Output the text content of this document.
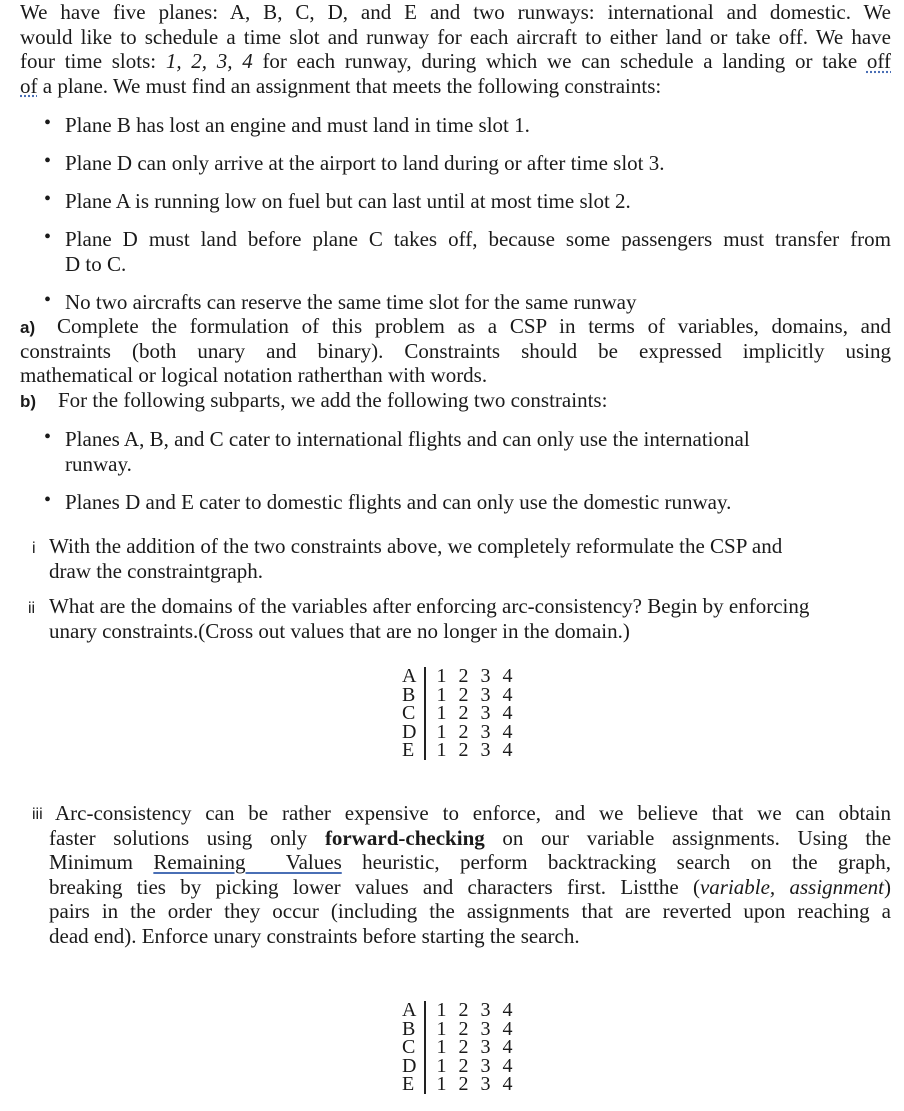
We have five planes: A, B, C, D, and E and two runways: international and domestic. We
would like to schedule a time slot and runway for each aircraft to either land or take off. We have
four time slots: 1, 2, 3, 4 for each runway, during which we can schedule a landing or take off
of a plane. We must find an assignment that meets the following constraints:
• Plane B has lost an engine and must land in time slot 1.
• Plane D can only arrive at the airport to land during or after time slot 3.
• Plane A is running low on fuel but can last until at most time slot 2.
• Plane D must land before plane C takes off, because some passengers must transfer from
D to C.
• No two aircrafts can reserve the same time slot for the same runway
a)	Complete the formulation of this problem as a CSP in terms of variables, domains, and
constraints (both unary and binary). Constraints should be expressed implicitly using
mathematical or logical notation ratherthan with words.
b) For the following subparts, we add the following two constraints:
• Planes A, B, and C cater to international flights and can only use the international
runway.
• Planes D and E cater to domestic flights and can only use the domestic runway.
i With the addition of the two constraints above, we completely reformulate the CSP and
draw the constraintgraph.
ii What are the domains of the variables after enforcing arc-consistency? Begin by enforcing
unary constraints.(Cross out values that are no longer in the domain.)
A	1 2 3 4
B	1 2 3 4
C	1 2 3 4
D	1 2 3 4
E	1 2 3 4
iii Arc-consistency can be rather expensive to enforce, and we believe that we can obtain
faster solutions using only forward-checking on our variable assignments. Using the
Minimum Remaining  Values heuristic, perform backtracking search on the graph,
breaking ties by picking lower values and characters first. Listthe (variable, assignment)
pairs in the order they occur (including the assignments that are reverted upon reaching a
dead end). Enforce unary constraints before starting the search.
A	1 2 3 4
B	1 2 3 4
C	1 2 3 4
D	1 2 3 4
E	1 2 3 4
